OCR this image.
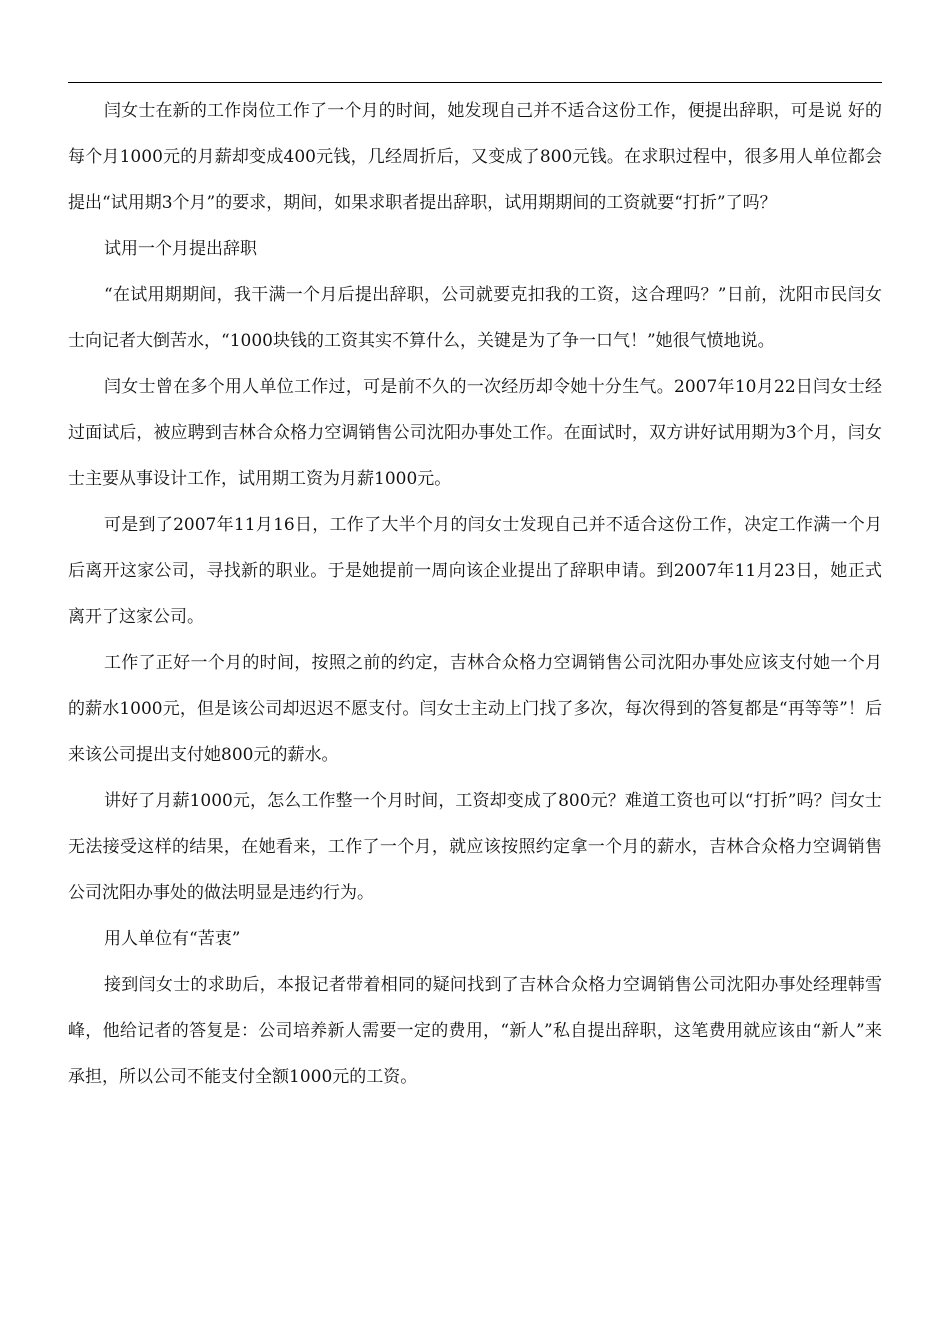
闫女士在新的工作岗位工作了一个月的时间，她发现自己并不适合这份工作，便提出辞职，可是说 好的每个月1000元的月薪却变成400元钱，几经周折后，又变成了800元钱。在求职过程中，很多用人单位都会提出“试用期3个月”的要求，期间，如果求职者提出辞职，试用期期间的工资就要“打折”了吗？

试用一个月提出辞职

“在试用期期间，我干满一个月后提出辞职，公司就要克扣我的工资，这合理吗？”日前，沈阳市民闫女士向记者大倒苦水，“1000块钱的工资其实不算什么，关键是为了争一口气！”她很气愤地说。

闫女士曾在多个用人单位工作过，可是前不久的一次经历却令她十分生气。2007年10月22日闫女士经过面试后，被应聘到吉林合众格力空调销售公司沈阳办事处工作。在面试时，双方讲好试用期为3个月，闫女士主要从事设计工作，试用期工资为月薪1000元。

可是到了2007年11月16日，工作了大半个月的闫女士发现自己并不适合这份工作，决定工作满一个月后离开这家公司，寻找新的职业。于是她提前一周向该企业提出了辞职申请。到2007年11月23日，她正式离开了这家公司。

工作了正好一个月的时间，按照之前的约定，吉林合众格力空调销售公司沈阳办事处应该支付她一个月的薪水1000元，但是该公司却迟迟不愿支付。闫女士主动上门找了多次，每次得到的答复都是“再等等”！后来该公司提出支付她800元的薪水。

讲好了月薪1000元，怎么工作整一个月时间，工资却变成了800元？难道工资也可以“打折”吗？闫女士无法接受这样的结果，在她看来，工作了一个月，就应该按照约定拿一个月的薪水，吉林合众格力空调销售公司沈阳办事处的做法明显是违约行为。

用人单位有“苦衷”

接到闫女士的求助后，本报记者带着相同的疑问找到了吉林合众格力空调销售公司沈阳办事处经理韩雪峰，他给记者的答复是：公司培养新人需要一定的费用，“新人”私自提出辞职，这笔费用就应该由“新人”来承担，所以公司不能支付全额1000元的工资。
